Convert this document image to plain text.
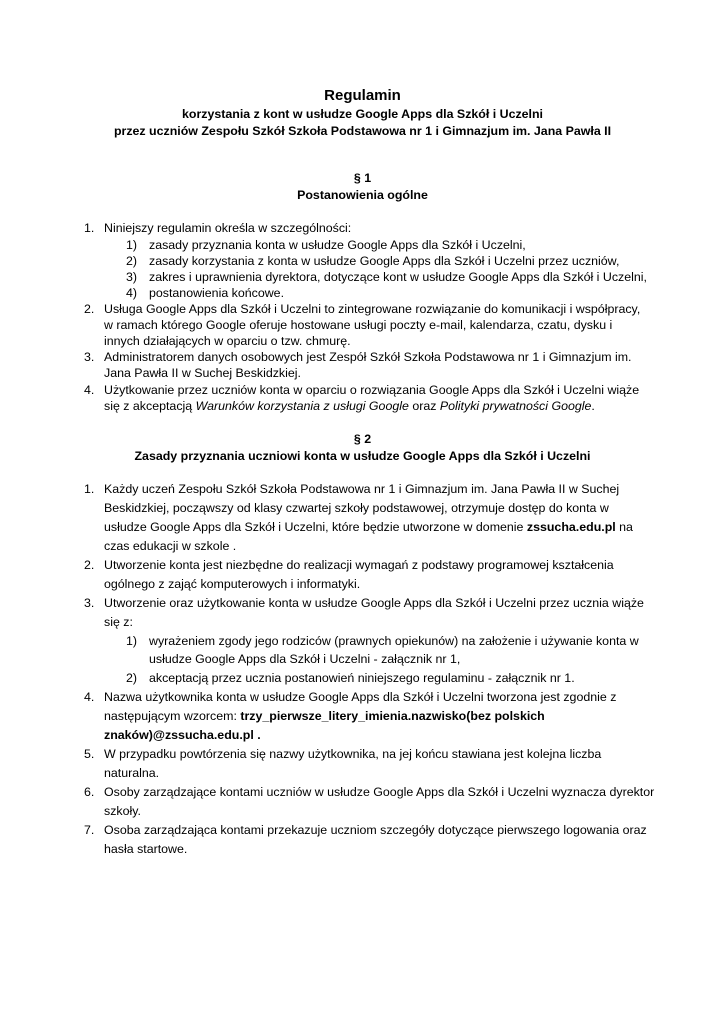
Regulamin
korzystania z kont w usłudze Google Apps dla Szkół i Uczelni
przez uczniów Zespołu Szkół Szkoła Podstawowa nr 1 i Gimnazjum im. Jana Pawła II
§ 1
Postanowienia ogólne
1. Niniejszy regulamin określa w szczególności:
1) zasady przyznania konta w usłudze Google Apps dla Szkół i Uczelni,
2) zasady korzystania z konta w usłudze Google Apps dla Szkół i Uczelni przez uczniów,
3) zakres i uprawnienia dyrektora, dotyczące kont w usłudze Google Apps dla Szkół i Uczelni,
4) postanowienia końcowe.
2. Usługa Google Apps dla Szkół i Uczelni to zintegrowane rozwiązanie do komunikacji i współpracy,
w ramach którego Google oferuje hostowane usługi poczty e-mail, kalendarza, czatu, dysku i
innych działających w oparciu o tzw. chmurę.
3. Administratorem danych osobowych jest Zespół Szkół Szkoła Podstawowa nr 1 i Gimnazjum im.
Jana Pawła II w Suchej Beskidzkiej.
4. Użytkowanie przez uczniów konta w oparciu o rozwiązania Google Apps dla Szkół i Uczelni wiąże
się z akceptacją Warunków korzystania z usługi Google oraz Polityki prywatności Google.
§ 2
Zasady przyznania uczniowi konta w usłudze Google Apps dla Szkół i Uczelni
1. Każdy uczeń Zespołu Szkół Szkoła Podstawowa nr 1 i Gimnazjum im. Jana Pawła II w Suchej
Beskidzkiej, począwszy od klasy czwartej szkoły podstawowej, otrzymuje dostęp do konta w
usłudze Google Apps dla Szkół i Uczelni, które będzie utworzone w domenie zssucha.edu.pl na
czas edukacji w szkole .
2. Utworzenie konta jest niezbędne do realizacji wymagań z podstawy programowej kształcenia
ogólnego z zająć komputerowych i informatyki.
3. Utworzenie oraz użytkowanie konta w usłudze Google Apps dla Szkół i Uczelni przez ucznia wiąże
się z:
1) wyrażeniem zgody jego rodziców (prawnych opiekunów) na założenie i używanie konta w
usłudze Google Apps dla Szkół i Uczelni - załącznik nr 1,
2) akceptacją przez ucznia postanowień niniejszego regulaminu - załącznik nr 1.
4. Nazwa użytkownika konta w usłudze Google Apps dla Szkół i Uczelni tworzona jest zgodnie z
następującym wzorcem: trzy_pierwsze_litery_imienia.nazwisko(bez polskich
znaków)@zssucha.edu.pl .
5. W przypadku powtórzenia się nazwy użytkownika, na jej końcu stawiana jest kolejna liczba
naturalna.
6. Osoby zarządzające kontami uczniów w usłudze Google Apps dla Szkół i Uczelni wyznacza dyrektor
szkoły.
7. Osoba zarządzająca kontami przekazuje uczniom szczegóły dotyczące pierwszego logowania oraz
hasła startowe.
